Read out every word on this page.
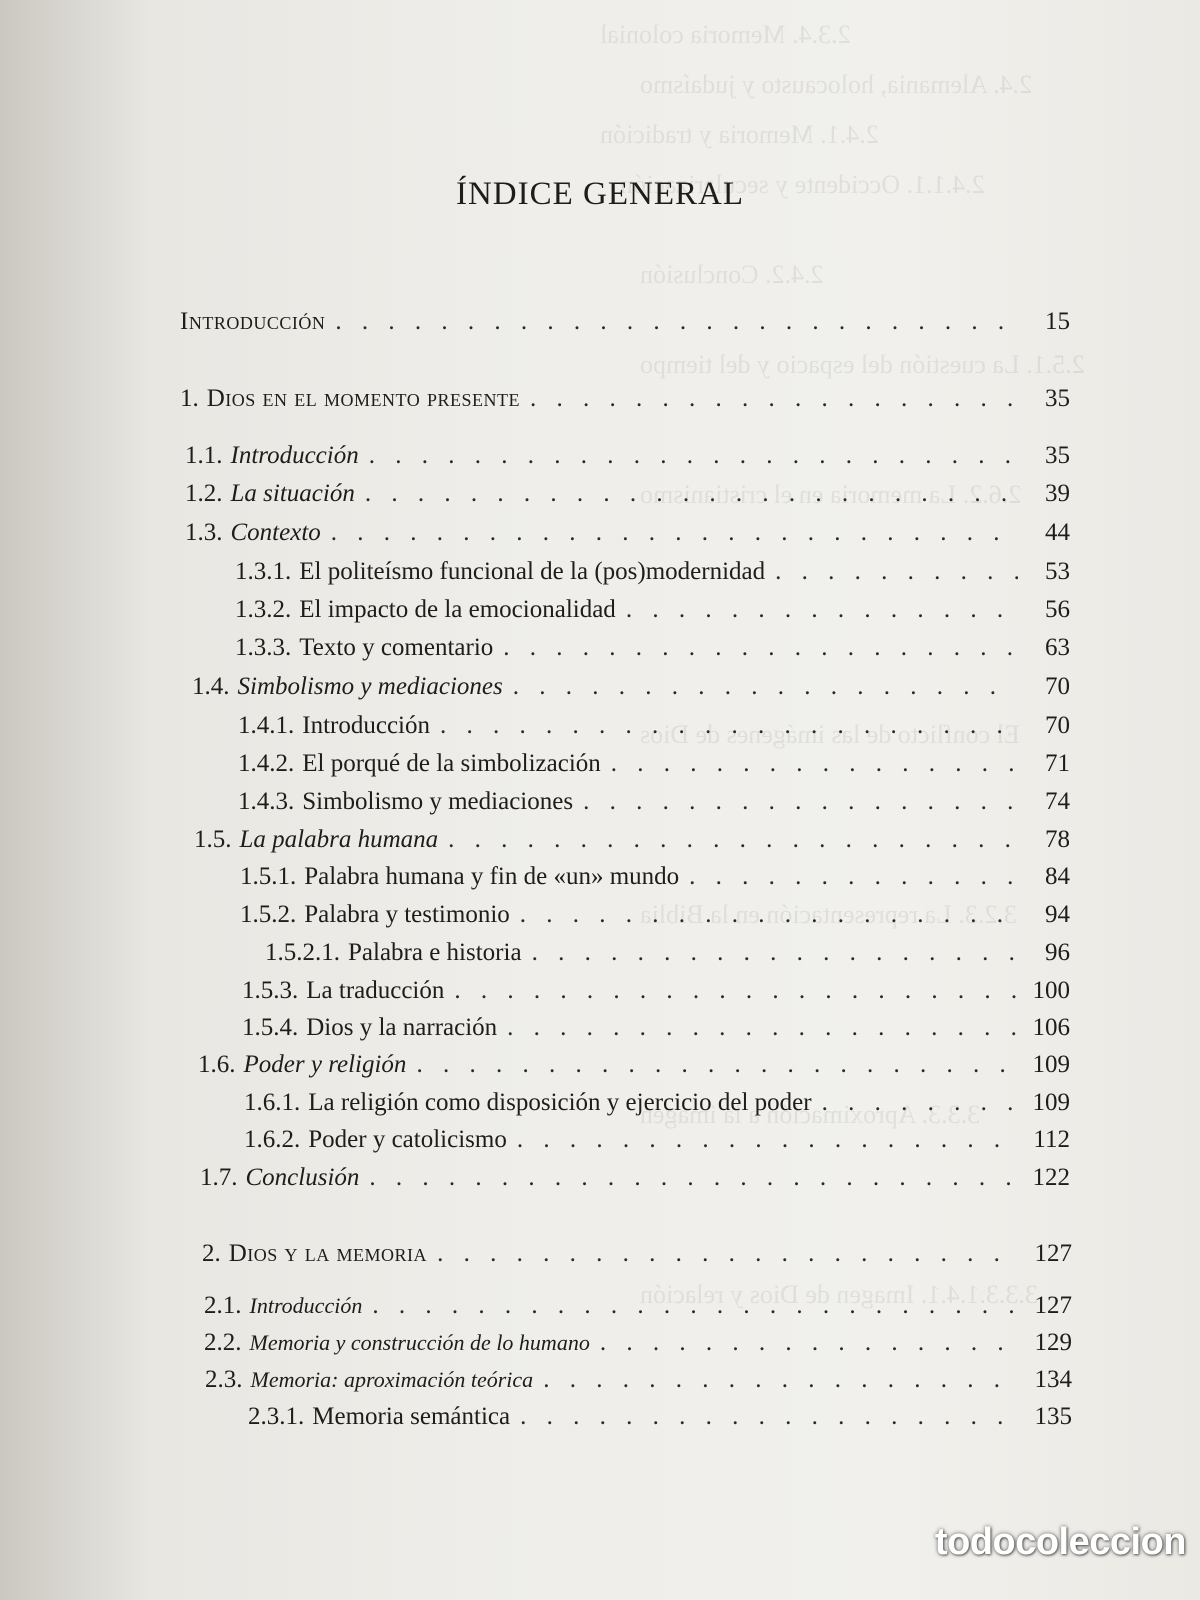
2.3.4. Memoria colonial
2.4. Alemania, holocausto y judaísmo
2.4.1. Memoria y tradición
2.4.1.1. Occidente y secularización
2.4.2. Conclusión
2.5.1. La cuestión del espacio y del tiempo
2.6.2. La memoria en el cristianismo
El conflicto de las imágenes de Dios
3.2.3. La representación en la Biblia
3.3.3. Aproximación a la imagen
3.3.3.1.4.1. Imagen de Dios y relación
ÍNDICE GENERAL
Introducción . . .	15
1. Dios en el momento presente . . .	35
1.1. Introducción . . .	35
1.2. La situación . . .	39
1.3. Contexto . . .	44
1.3.1. El politeísmo funcional de la (pos)modernidad . . .	53
1.3.2. El impacto de la emocionalidad . . .	56
1.3.3. Texto y comentario . . .	63
1.4. Simbolismo y mediaciones . . .	70
1.4.1. Introducción . . .	70
1.4.2. El porqué de la simbolización . . .	71
1.4.3. Simbolismo y mediaciones . . .	74
1.5. La palabra humana . . .	78
1.5.1. Palabra humana y fin de «un» mundo . . .	84
1.5.2. Palabra y testimonio . . .	94
1.5.2.1. Palabra e historia . . .	96
1.5.3. La traducción . . .	100
1.5.4. Dios y la narración . . .	106
1.6. Poder y religión . . .	109
1.6.1. La religión como disposición y ejercicio del poder . . .	109
1.6.2. Poder y catolicismo . . .	112
1.7. Conclusión . . .	122
2. Dios y la memoria . . .	127
2.1. Introducción . . .	127
2.2. Memoria y construcción de lo humano . . .	129
2.3. Memoria: aproximación teórica . . .	134
2.3.1. Memoria semántica . . .	135
todocoleccion
